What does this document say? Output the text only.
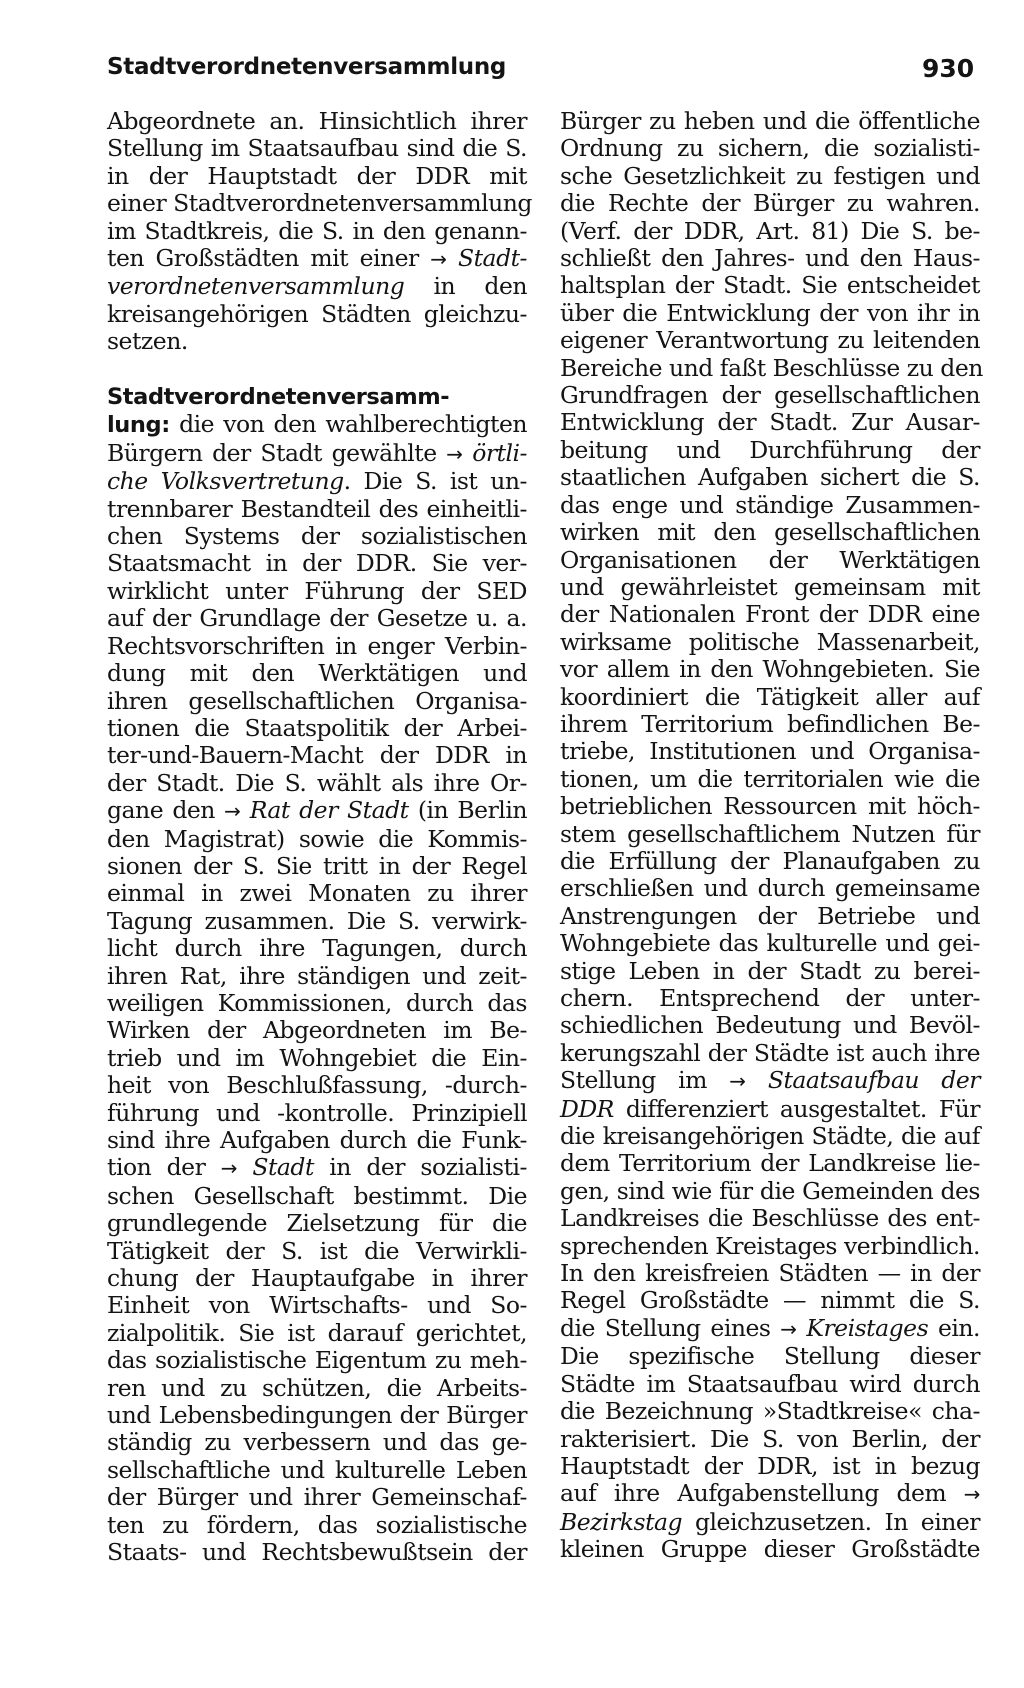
Stadtverordnetenversammlung	930
Abgeordnete an. Hinsichtlich ihrer
Stellung im Staatsaufbau sind die S.
in der Hauptstadt der DDR mit
einer Stadtverordnetenversammlung
im Stadtkreis, die S. in den genann-
ten Großstädten mit einer → Stadt-
verordnetenversammlung in den
kreisangehörigen Städten gleichzu-
setzen.
Stadtverordnetenversamm-
lung: die von den wahlberechtigten
Bürgern der Stadt gewählte → örtli-
che Volksvertretung. Die S. ist un-
trennbarer Bestandteil des einheitli-
chen Systems der sozialistischen
Staatsmacht in der DDR. Sie ver-
wirklicht unter Führung der SED
auf der Grundlage der Gesetze u. a.
Rechtsvorschriften in enger Verbin-
dung mit den Werktätigen und
ihren gesellschaftlichen Organisa-
tionen die Staatspolitik der Arbei-
ter-und-Bauern-Macht der DDR in
der Stadt. Die S. wählt als ihre Or-
gane den → Rat der Stadt (in Berlin
den Magistrat) sowie die Kommis-
sionen der S. Sie tritt in der Regel
einmal in zwei Monaten zu ihrer
Tagung zusammen. Die S. verwirk-
licht durch ihre Tagungen, durch
ihren Rat, ihre ständigen und zeit-
weiligen Kommissionen, durch das
Wirken der Abgeordneten im Be-
trieb und im Wohngebiet die Ein-
heit von Beschlußfassung, -durch-
führung und -kontrolle. Prinzipiell
sind ihre Aufgaben durch die Funk-
tion der → Stadt in der sozialisti-
schen Gesellschaft bestimmt. Die
grundlegende Zielsetzung für die
Tätigkeit der S. ist die Verwirkli-
chung der Hauptaufgabe in ihrer
Einheit von Wirtschafts- und So-
zialpolitik. Sie ist darauf gerichtet,
das sozialistische Eigentum zu meh-
ren und zu schützen, die Arbeits-
und Lebensbedingungen der Bürger
ständig zu verbessern und das ge-
sellschaftliche und kulturelle Leben
der Bürger und ihrer Gemeinschaf-
ten zu fördern, das sozialistische
Staats- und Rechtsbewußtsein der
Bürger zu heben und die öffentliche
Ordnung zu sichern, die sozialisti-
sche Gesetzlichkeit zu festigen und
die Rechte der Bürger zu wahren.
(Verf. der DDR, Art. 81) Die S. be-
schließt den Jahres- und den Haus-
haltsplan der Stadt. Sie entscheidet
über die Entwicklung der von ihr in
eigener Verantwortung zu leitenden
Bereiche und faßt Beschlüsse zu den
Grundfragen der gesellschaftlichen
Entwicklung der Stadt. Zur Ausar-
beitung und Durchführung der
staatlichen Aufgaben sichert die S.
das enge und ständige Zusammen-
wirken mit den gesellschaftlichen
Organisationen der Werktätigen
und gewährleistet gemeinsam mit
der Nationalen Front der DDR eine
wirksame politische Massenarbeit,
vor allem in den Wohngebieten. Sie
koordiniert die Tätigkeit aller auf
ihrem Territorium befindlichen Be-
triebe, Institutionen und Organisa-
tionen, um die territorialen wie die
betrieblichen Ressourcen mit höch-
stem gesellschaftlichem Nutzen für
die Erfüllung der Planaufgaben zu
erschließen und durch gemeinsame
Anstrengungen der Betriebe und
Wohngebiete das kulturelle und gei-
stige Leben in der Stadt zu berei-
chern. Entsprechend der unter-
schiedlichen Bedeutung und Bevöl-
kerungszahl der Städte ist auch ihre
Stellung im → Staatsaufbau der
DDR differenziert ausgestaltet. Für
die kreisangehörigen Städte, die auf
dem Territorium der Landkreise lie-
gen, sind wie für die Gemeinden des
Landkreises die Beschlüsse des ent-
sprechenden Kreistages verbindlich.
In den kreisfreien Städten — in der
Regel Großstädte — nimmt die S.
die Stellung eines → Kreistages ein.
Die spezifische Stellung dieser
Städte im Staatsaufbau wird durch
die Bezeichnung »Stadtkreise« cha-
rakterisiert. Die S. von Berlin, der
Hauptstadt der DDR, ist in bezug
auf ihre Aufgabenstellung dem →
Bezirkstag gleichzusetzen. In einer
kleinen Gruppe dieser Großstädte
